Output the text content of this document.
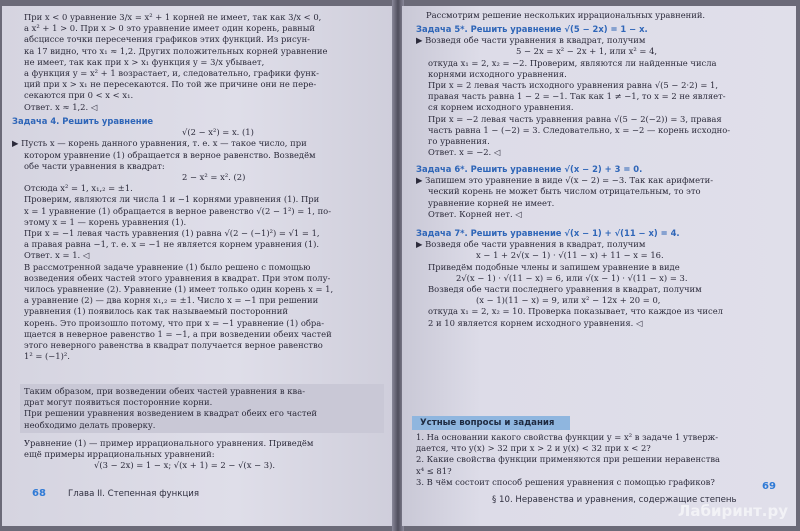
При x < 0 уравнение 3/x = x² + 1 корней не имеет, так как 3/x < 0,
a x² + 1 > 0. При x > 0 это уравнение имеет один корень, равный
абсциссе точки пересечения графиков этих функций. Из рисун-
ка 17 видно, что x₁ ≈ 1,2. Других положительных корней уравнение
не имеет, так как при x > x₁ функция y = 3/x убывает,
а функция y = x² + 1 возрастает, и, следовательно, графики функ-
ций при x > x₁ не пересекаются. По той же причине они не пере-
секаются при 0 < x < x₁.
Ответ. x ≈ 1,2. ◁
Задача 4. Решить уравнение
√(2 − x²) = x. (1)
▶ Пусть x — корень данного уравнения, т. е. x — такое число, при
котором уравнение (1) обращается в верное равенство. Возведём
обе части уравнения в квадрат:
2 − x² = x². (2)
Отсюда x² = 1, x₁,₂ = ±1.
Проверим, являются ли числа 1 и −1 корнями уравнения (1). При
x = 1 уравнение (1) обращается в верное равенство √(2 − 1²) = 1, по-
этому x = 1 — корень уравнения (1).
При x = −1 левая часть уравнения (1) равна √(2 − (−1)²) = √1 = 1,
а правая равна −1, т. е. x = −1 не является корнем уравнения (1).
Ответ. x = 1. ◁
В рассмотренной задаче уравнение (1) было решено с помощью
возведения обеих частей этого уравнения в квадрат. При этом полу-
чилось уравнение (2). Уравнение (1) имеет только один корень x = 1,
а уравнение (2) — два корня x₁,₂ = ±1. Число x = −1 при решении
уравнения (1) появилось как так называемый посторонний
корень. Это произошло потому, что при x = −1 уравнение (1) обра-
щается в неверное равенство 1 = −1, а при возведении обеих частей
этого неверного равенства в квадрат получается верное равенство
1² = (−1)².
Таким образом, при возведении обеих частей уравнения в ква-
драт могут появиться посторонние корни.
При решении уравнения возведением в квадрат обеих его частей
необходимо делать проверку.
Уравнение (1) — пример иррационального уравнения. Приведём
ещё примеры иррациональных уравнений:
√(3 − 2x) = 1 − x; √(x + 1) = 2 − √(x − 3).
68	Глава II. Степенная функция
Рассмотрим решение нескольких иррациональных уравнений.
Задача 5*. Решить уравнение √(5 − 2x) = 1 − x.
▶ Возведя обе части уравнения в квадрат, получим
5 − 2x = x² − 2x + 1, или x² = 4,
откуда x₁ = 2, x₂ = −2. Проверим, являются ли найденные числа
корнями исходного уравнения.
При x = 2 левая часть исходного уравнения равна √(5 − 2·2) = 1,
правая часть равна 1 − 2 = −1. Так как 1 ≠ −1, то x = 2 не являет-
ся корнем исходного уравнения.
При x = −2 левая часть уравнения равна √(5 − 2(−2)) = 3, правая
часть равна 1 − (−2) = 3. Следовательно, x = −2 — корень исходно-
го уравнения.
Ответ. x = −2. ◁
Задача 6*. Решить уравнение √(x − 2) + 3 = 0.
▶ Запишем это уравнение в виде √(x − 2) = −3. Так как арифмети-
ческий корень не может быть числом отрицательным, то это
уравнение корней не имеет.
Ответ. Корней нет. ◁
Задача 7*. Решить уравнение √(x − 1) + √(11 − x) = 4.
▶ Возведя обе части уравнения в квадрат, получим
x − 1 + 2√(x − 1) · √(11 − x) + 11 − x = 16.
Приведём подобные члены и запишем уравнение в виде
2√(x − 1) · √(11 − x) = 6, или √(x − 1) · √(11 − x) = 3.
Возведя обе части последнего уравнения в квадрат, получим
(x − 1)(11 − x) = 9, или x² − 12x + 20 = 0,
откуда x₁ = 2, x₂ = 10. Проверка показывает, что каждое из чисел
2 и 10 является корнем исходного уравнения. ◁
Устные вопросы и задания
1. На основании какого свойства функции y = x² в задаче 1 утверж-
дается, что y(x) > 32 при x > 2 и y(x) < 32 при x < 2?
2. Какие свойства функции применяются при решении неравенства
x⁴ ≤ 81?
3. В чём состоит способ решения уравнения с помощью графиков?
§ 10. Неравенства и уравнения, содержащие степень
69
Лабиринт.ру
